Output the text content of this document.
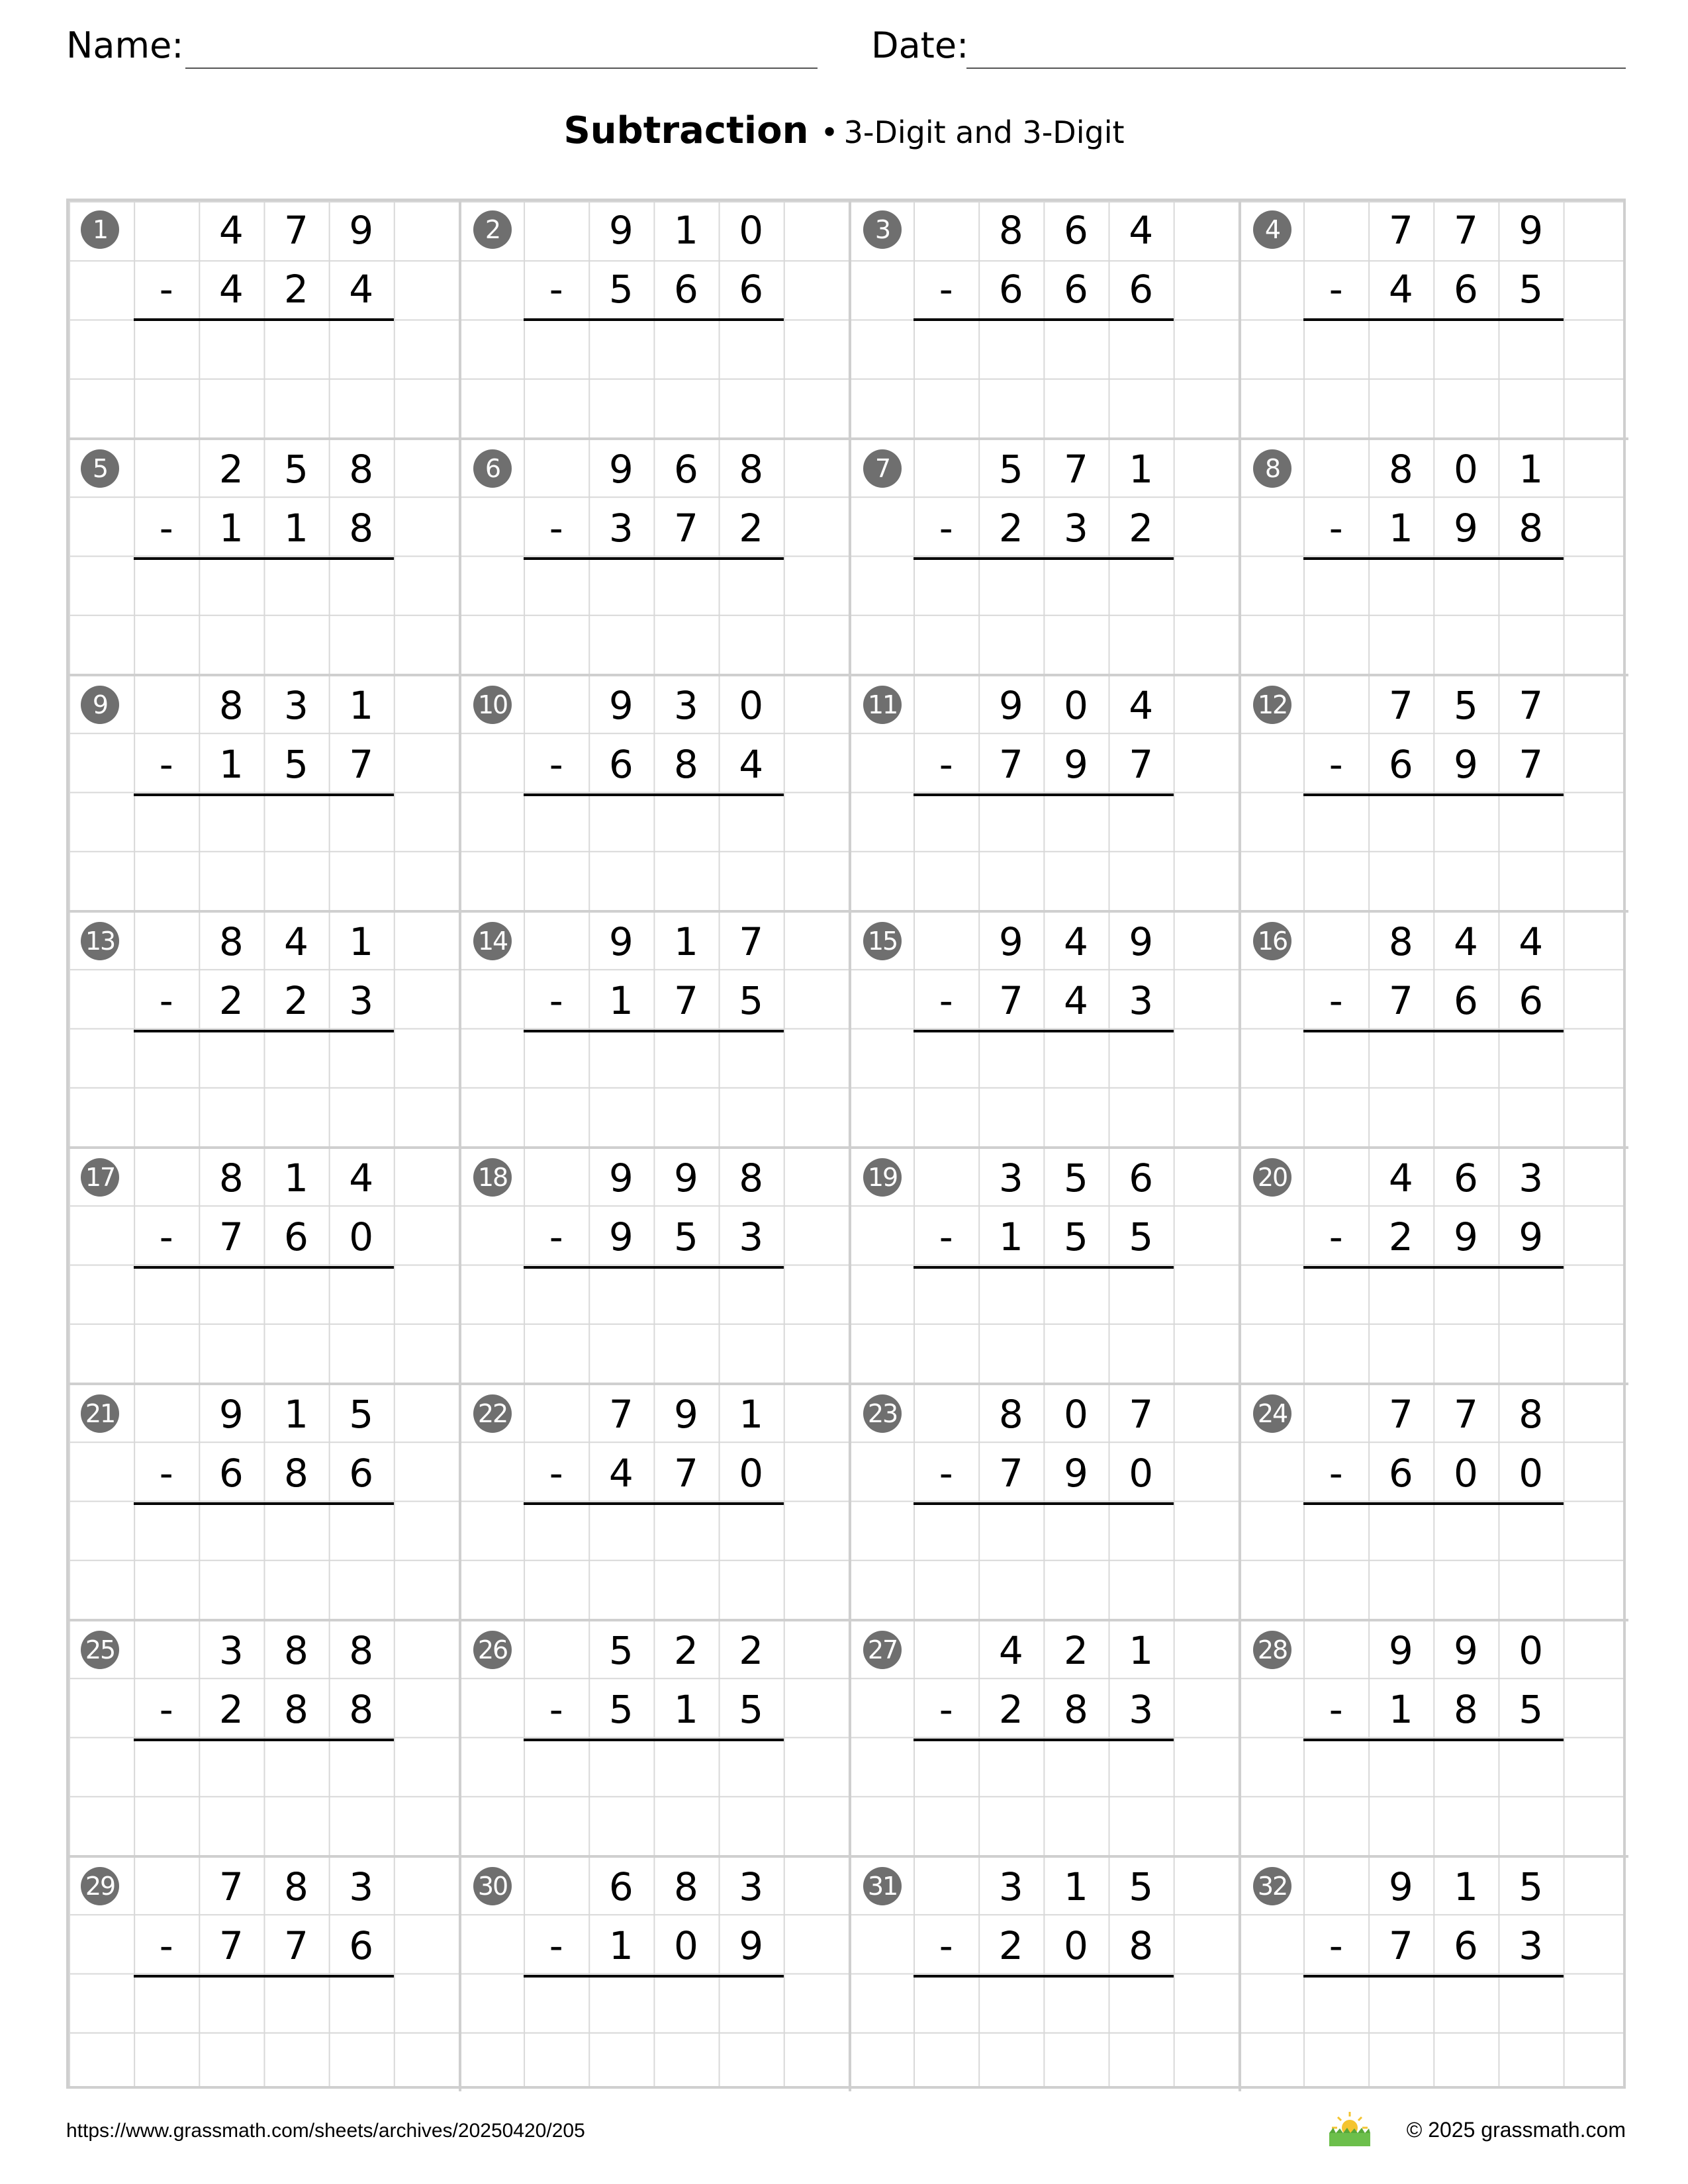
Name:	Date:
Subtraction • 3-Digit and 3-Digit
1	4	7	9
-	4	2	4
2	9	1	0
-	5	6	6
3	8	6	4
-	6	6	6
4	7	7	9
-	4	6	5
5	2	5	8
-	1	1	8
6	9	6	8
-	3	7	2
7	5	7	1
-	2	3	2
8	8	0	1
-	1	9	8
9	8	3	1
-	1	5	7
10	9	3	0
-	6	8	4
11	9	0	4
-	7	9	7
12	7	5	7
-	6	9	7
13	8	4	1
-	2	2	3
14	9	1	7
-	1	7	5
15	9	4	9
-	7	4	3
16	8	4	4
-	7	6	6
17	8	1	4
-	7	6	0
18	9	9	8
-	9	5	3
19	3	5	6
-	1	5	5
20	4	6	3
-	2	9	9
21	9	1	5
-	6	8	6
22	7	9	1
-	4	7	0
23	8	0	7
-	7	9	0
24	7	7	8
-	6	0	0
25	3	8	8
-	2	8	8
26	5	2	2
-	5	1	5
27	4	2	1
-	2	8	3
28	9	9	0
-	1	8	5
29	7	8	3
-	7	7	6
30	6	8	3
-	1	0	9
31	3	1	5
-	2	0	8
32	9	1	5
-	7	6	3
https://www.grassmath.com/sheets/archives/20250420/205	© 2025 grassmath.com
